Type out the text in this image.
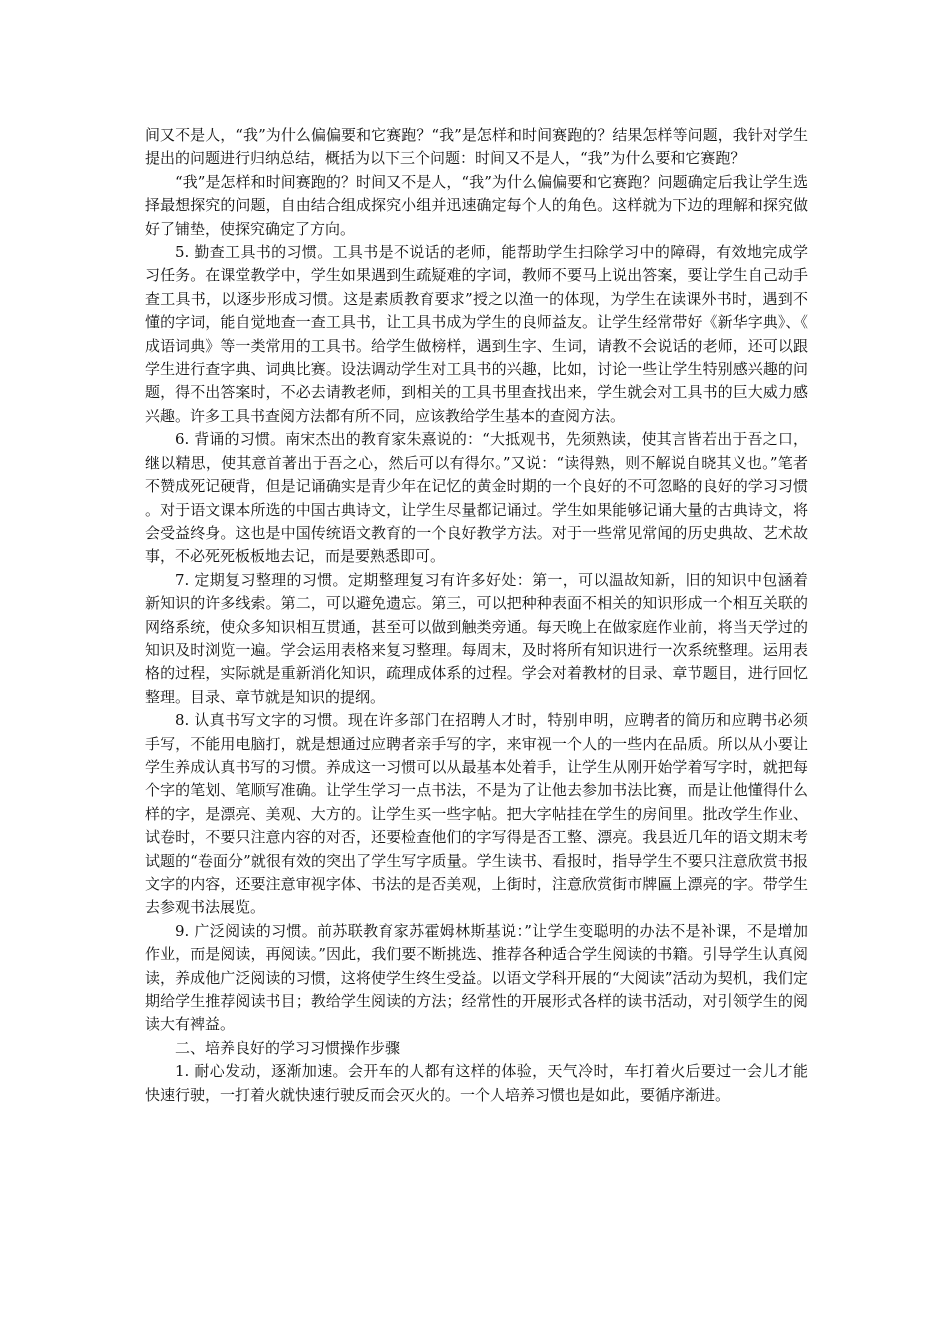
间又不是人，“我”为什么偏偏要和它赛跑？“我”是怎样和时间赛跑的？结果怎样等问题，我针对学生提出的问题进行归纳总结，概括为以下三个问题：时间又不是人，“我”为什么要和它赛跑？

“我”是怎样和时间赛跑的？时间又不是人，“我”为什么偏偏要和它赛跑？问题确定后我让学生选择最想探究的问题，自由结合组成探究小组并迅速确定每个人的角色。这样就为下边的理解和探究做好了铺垫，使探究确定了方向。

5. 勤查工具书的习惯。工具书是不说话的老师，能帮助学生扫除学习中的障碍，有效地完成学习任务。在课堂教学中，学生如果遇到生疏疑难的字词，教师不要马上说出答案，要让学生自己动手查工具书，以逐步形成习惯。这是素质教育要求”授之以渔一的体现，为学生在读课外书时，遇到不懂的字词，能自觉地查一查工具书，让工具书成为学生的良师益友。让学生经常带好《新华字典》、《成语词典》等一类常用的工具书。给学生做榜样，遇到生字、生词，请教不会说话的老师，还可以跟学生进行查字典、词典比赛。设法调动学生对工具书的兴趣，比如，讨论一些让学生特别感兴趣的问题，得不出答案时，不必去请教老师，到相关的工具书里查找出来，学生就会对工具书的巨大威力感兴趣。许多工具书查阅方法都有所不同，应该教给学生基本的查阅方法。

6. 背诵的习惯。南宋杰出的教育家朱熹说的：“大抵观书，先须熟读，使其言皆若出于吾之口，继以精思，使其意首著出于吾之心，然后可以有得尔。”又说：“读得熟，则不解说自晓其义也。”笔者不赞成死记硬背，但是记诵确实是青少年在记忆的黄金时期的一个良好的不可忽略的良好的学习习惯。对于语文课本所选的中国古典诗文，让学生尽量都记诵过。学生如果能够记诵大量的古典诗文，将会受益终身。这也是中国传统语文教育的一个良好教学方法。对于一些常见常闻的历史典故、艺术故事，不必死死板板地去记，而是要熟悉即可。

7. 定期复习整理的习惯。定期整理复习有许多好处：第一，可以温故知新，旧的知识中包涵着新知识的许多线索。第二，可以避免遗忘。第三，可以把种种表面不相关的知识形成一个相互关联的网络系统，使众多知识相互贯通，甚至可以做到触类旁通。每天晚上在做家庭作业前，将当天学过的知识及时浏览一遍。学会运用表格来复习整理。每周末，及时将所有知识进行一次系统整理。运用表格的过程，实际就是重新消化知识，疏理成体系的过程。学会对着教材的目录、章节题目，进行回忆整理。目录、章节就是知识的提纲。

8. 认真书写文字的习惯。现在许多部门在招聘人才时，特别申明，应聘者的简历和应聘书必须手写，不能用电脑打，就是想通过应聘者亲手写的字，来审视一个人的一些内在品质。所以从小要让学生养成认真书写的习惯。养成这一习惯可以从最基本处着手，让学生从刚开始学着写字时，就把每个字的笔划、笔顺写准确。让学生学习一点书法，不是为了让他去参加书法比赛，而是让他懂得什么样的字，是漂亮、美观、大方的。让学生买一些字帖。把大字帖挂在学生的房间里。批改学生作业、试卷时，不要只注意内容的对否，还要检查他们的字写得是否工整、漂亮。我县近几年的语文期末考试题的“卷面分”就很有效的突出了学生写字质量。学生读书、看报时，指导学生不要只注意欣赏书报文字的内容，还要注意审视字体、书法的是否美观，上街时，注意欣赏街市牌匾上漂亮的字。带学生去参观书法展览。

9. 广泛阅读的习惯。前苏联教育家苏霍姆林斯基说：”让学生变聪明的办法不是补课，不是增加作业，而是阅读，再阅读。”因此，我们要不断挑选、推荐各种适合学生阅读的书籍。引导学生认真阅读，养成他广泛阅读的习惯，这将使学生终生受益。以语文学科开展的“大阅读”活动为契机，我们定期给学生推荐阅读书目；教给学生阅读的方法；经常性的开展形式各样的读书活动，对引领学生的阅读大有裨益。

二、培养良好的学习习惯操作步骤

1. 耐心发动，逐渐加速。会开车的人都有这样的体验，天气冷时，车打着火后要过一会儿才能快速行驶，一打着火就快速行驶反而会灭火的。一个人培养习惯也是如此，要循序渐进。
